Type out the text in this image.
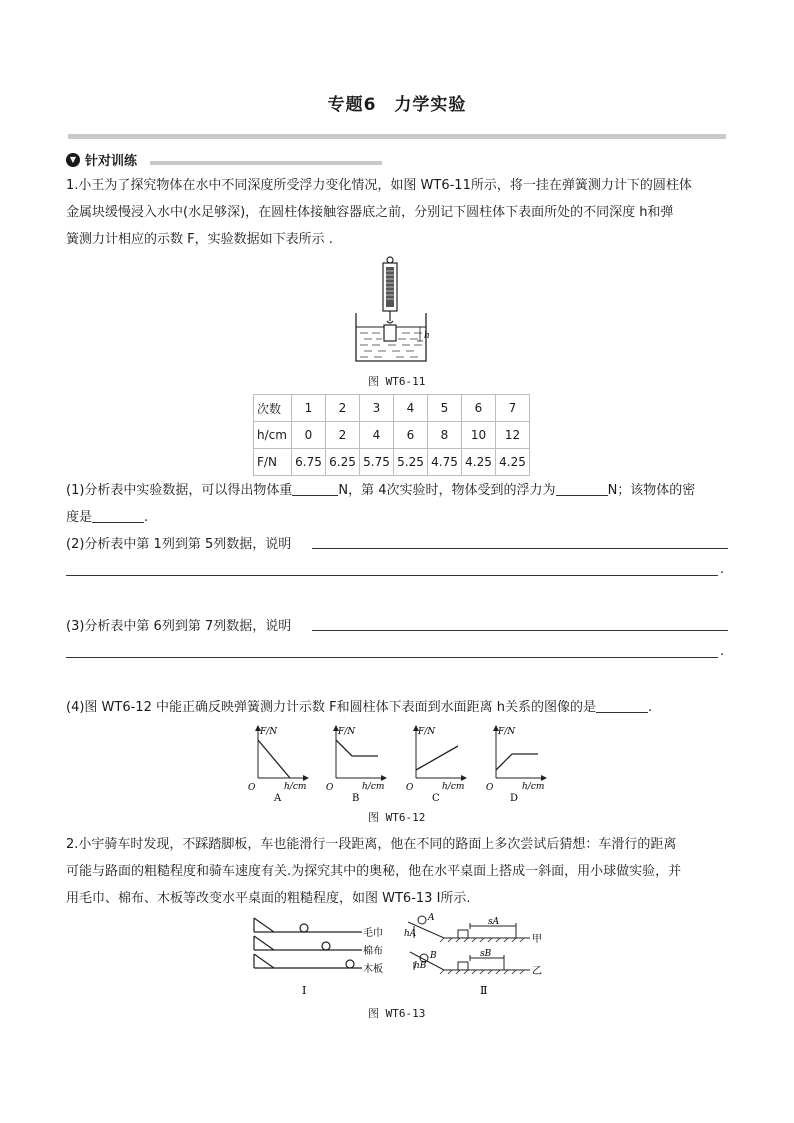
专题6　力学实验
▼ 针对训练
1.小王为了探究物体在水中不同深度所受浮力变化情况，如图 WT6-11所示，将一挂在弹簧测力计下的圆柱体
金属块缓慢浸入水中(水足够深)，在圆柱体接触容器底之前，分别记下圆柱体下表面所处的不同深度 h和弹
簧测力计相应的示数 F，实验数据如下表所示 .
h
图 WT6-11
次数	1	2	3	4	5	6	7
h/cm	0	2	4	6	8	10	12
F/N	6.75	6.25	5.75	5.25	4.75	4.25	4.25
(1)分析表中实验数据，可以得出物体重	N，第 4次实验时，物体受到的浮力为	N；该物体的密
度是	.
(2)分析表中第 1列到第 5列数据，说明
.
(3)分析表中第 6列到第 7列数据，说明
.
(4)图 WT6-12 中能正确反映弹簧测力计示数 F和圆柱体下表面到水面距离 h关系的图像的是	.
F/N
O	h/cm
A
F/N
O	h/cm
B
F/N
O	h/cm
C
F/N
O	h/cm
D
图 WT6-12
2.小宇骑车时发现，不踩踏脚板，车也能滑行一段距离，他在不同的路面上多次尝试后猜想：车滑行的距离
可能与路面的粗糙程度和骑车速度有关.为探究其中的奥秘，他在水平桌面上搭成一斜面，用小球做实验，并
用毛巾、棉布、木板等改变水平桌面的粗糙程度，如图 WT6-13 Ⅰ所示.
毛巾
棉布
木板
Ⅰ
A
hA
sA
甲
B
hB
sB
乙
Ⅱ
图 WT6-13
